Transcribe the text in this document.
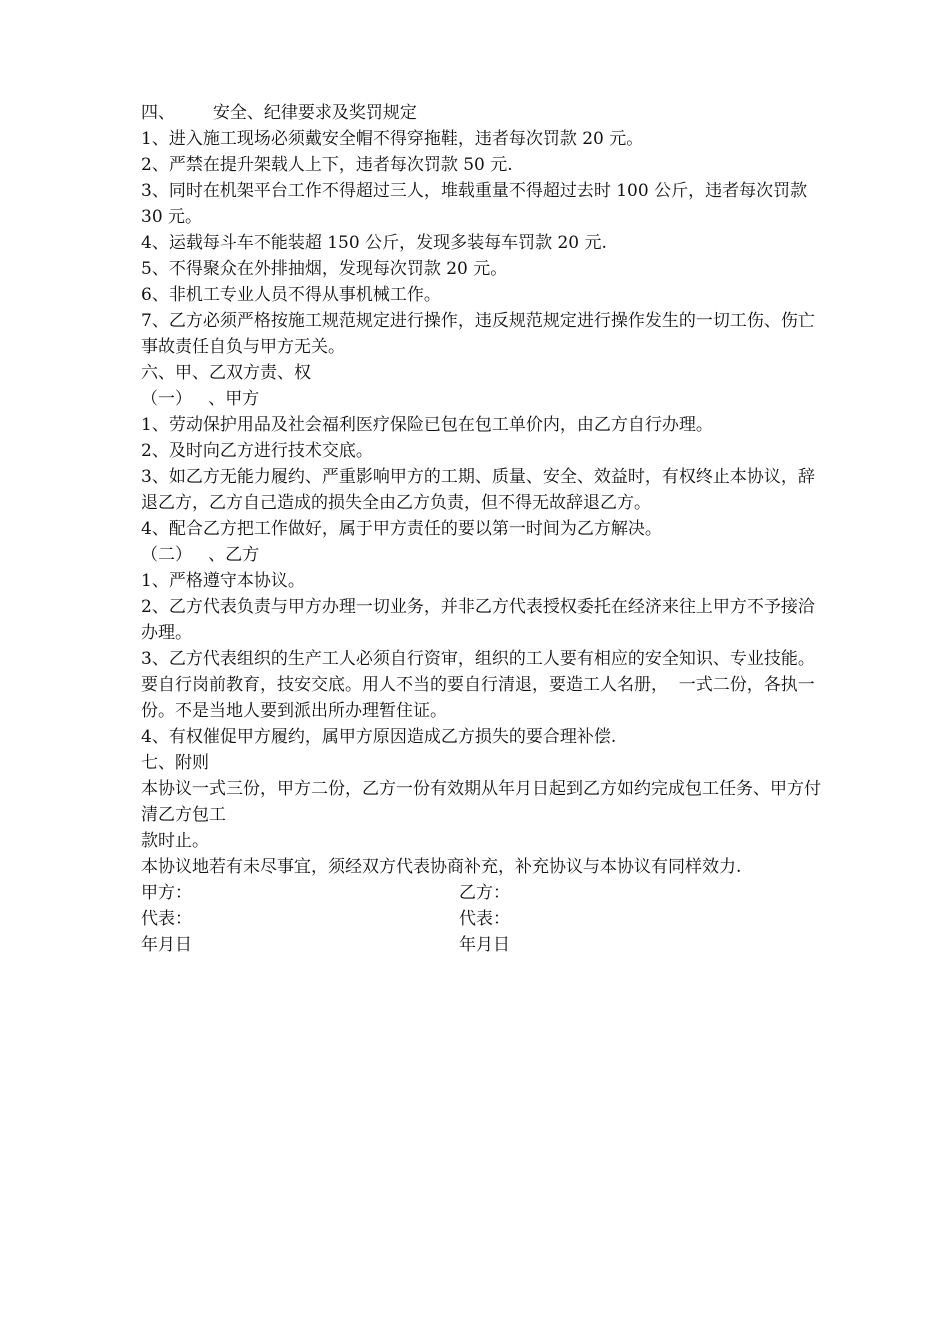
四、       安全、纪律要求及奖罚规定

1、进入施工现场必须戴安全帽不得穿拖鞋，违者每次罚款 20 元。

2、严禁在提升架载人上下，违者每次罚款 50 元.

3、同时在机架平台工作不得超过三人，堆载重量不得超过去时 100 公斤，违者每次罚款 30 元。

4、运载每斗车不能装超 150 公斤，发现多装每车罚款 20 元.

5、不得聚众在外排抽烟，发现每次罚款 20 元。

6、非机工专业人员不得从事机械工作。

7、乙方必须严格按施工规范规定进行操作，违反规范规定进行操作发生的一切工伤、伤亡事故责任自负与甲方无关。

六、甲、乙双方责、权

（一）   、甲方

1、劳动保护用品及社会福利医疗保险已包在包工单价内，由乙方自行办理。

2、及时向乙方进行技术交底。

3、如乙方无能力履约、严重影响甲方的工期、质量、安全、效益时，有权终止本协议，辞退乙方，乙方自己造成的损失全由乙方负责，但不得无故辞退乙方。

4、配合乙方把工作做好，属于甲方责任的要以第一时间为乙方解决。

（二）   、乙方

1、严格遵守本协议。

2、乙方代表负责与甲方办理一切业务，并非乙方代表授权委托在经济来往上甲方不予接洽办理。

3、乙方代表组织的生产工人必须自行资审，组织的工人要有相应的安全知识、专业技能。要自行岗前教育，技安交底。用人不当的要自行清退，要造工人名册，  一式二份，各执一份。不是当地人要到派出所办理暂住证。

4、有权催促甲方履约，属甲方原因造成乙方损失的要合理补偿.

七、附则

本协议一式三份，甲方二份，乙方一份有效期从年月日起到乙方如约完成包工任务、甲方付清乙方包工

款时止。

本协议地若有未尽事宜，须经双方代表协商补充，补充协议与本协议有同样效力.

甲方：	乙方：
代表：	代表：
年月日	年月日
